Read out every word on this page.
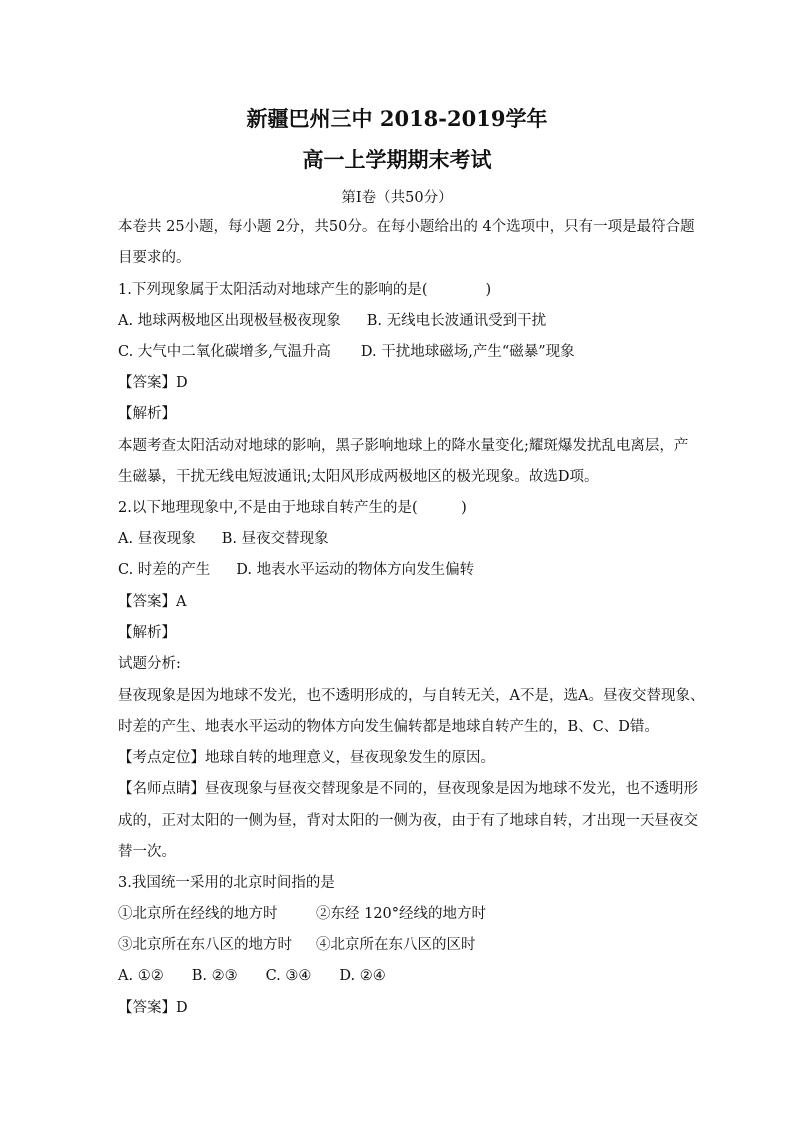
新疆巴州三中 2018-2019学年
高一上学期期末考试
第Ⅰ卷（共50分）
本卷共 25小题，每小题 2分，共50分。在每小题给出的 4个选项中，只有一项是最符合题
目要求的。
1.下列现象属于太阳活动对地球产生的影响的是(　　　　)
A. 地球两极地区出现极昼极夜现象 B. 无线电长波通讯受到干扰
C. 大气中二氧化碳增多,气温升高 D. 干扰地球磁场,产生“磁暴”现象
【答案】D
【解析】
本题考查太阳活动对地球的影响，黑子影响地球上的降水量变化;耀斑爆发扰乱电离层，产
生磁暴，干扰无线电短波通讯;太阳风形成两极地区的极光现象。故选D项。
2.以下地理现象中,不是由于地球自转产生的是(　　　)
A. 昼夜现象 B. 昼夜交替现象
C. 时差的产生 D. 地表水平运动的物体方向发生偏转
【答案】A
【解析】
试题分析:
昼夜现象是因为地球不发光，也不透明形成的，与自转无关，A不是，选A。昼夜交替现象、
时差的产生、地表水平运动的物体方向发生偏转都是地球自转产生的，B、C、D错。
【考点定位】地球自转的地理意义，昼夜现象发生的原因。
【名师点睛】昼夜现象与昼夜交替现象是不同的，昼夜现象是因为地球不发光，也不透明形
成的，正对太阳的一侧为昼，背对太阳的一侧为夜，由于有了地球自转，才出现一天昼夜交
替一次。
3.我国统一采用的北京时间指的是
①北京所在经线的地方时	②东经 120°经线的地方时
③北京所在东八区的地方时 ④北京所在东八区的区时
A. ①② B. ②③ C. ③④ D. ②④
【答案】D
